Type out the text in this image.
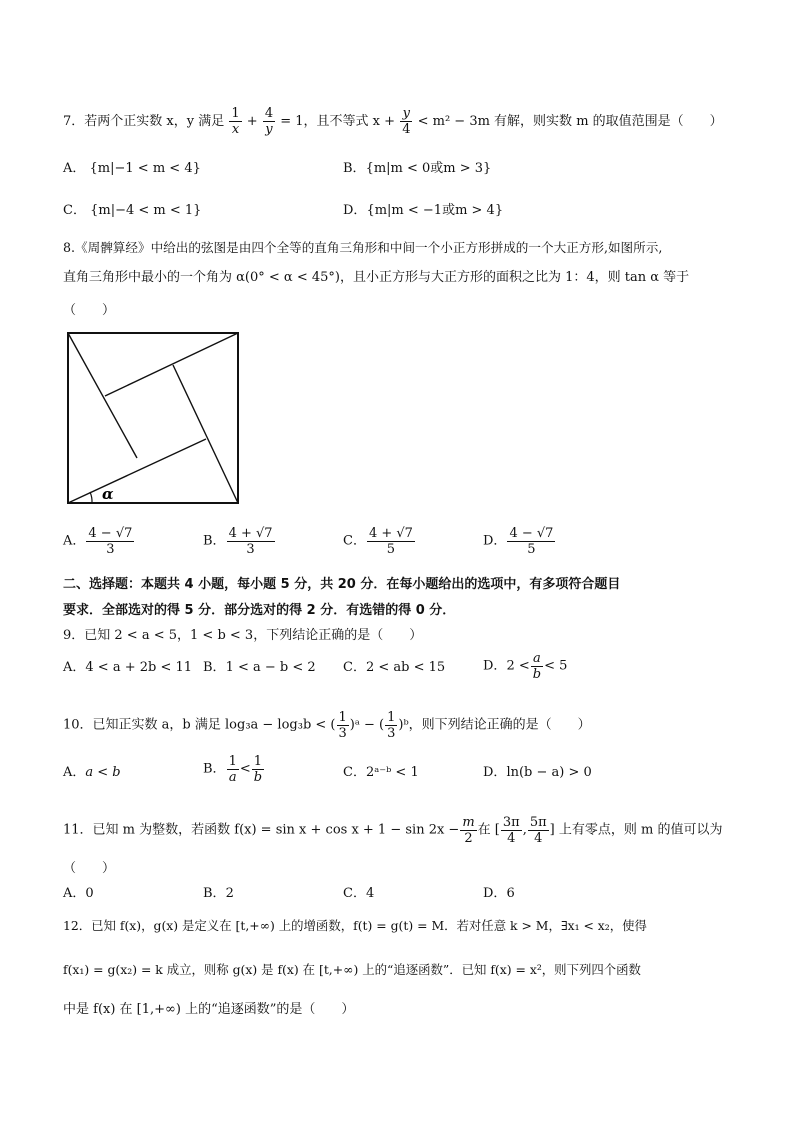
7．若两个正实数 x，y 满足 $\frac{1}{x} + \frac{4}{y} = 1$，且不等式 $x + \frac{y}{4} < m^2 - 3m$ 有解，则实数 m 的取值范围是（　　）
A． {m|−1 < m < 4}	B．{m|m < 0或m > 3}
C． {m|−4 < m < 1}	D．{m|m < −1或m > 4}
8.《周髀算经》中给出的弦图是由四个全等的直角三角形和中间一个小正方形拼成的一个大正方形,如图所示,
直角三角形中最小的一个角为 α(0° < α < 45°)，且小正方形与大正方形的面积之比为 1：4，则 tan α 等于
（　　）
α
A． $\frac{4 - √7}{3}$	B． $\frac{4 + √7}{3}$	C． $\frac{4 + √7}{5}$	D． $\frac{4 - √7}{5}$
二、选择题：本题共 4 小题，每小题 5 分，共 20 分．在每小题给出的选项中，有多项符合题目
要求．全部选对的得 5 分．部分选对的得 2 分．有选错的得 0 分．
9．已知 2 < a < 5，1 < b < 3，下列结论正确的是（　　）
A．4 < a + 2b < 11 B．1 < a − b < 2 C．2 < ab < 15	D．$2 < \frac{a}{b} < 5$
10．已知正实数 a，b 满足 log₃a − log₃b < ( $\frac{1}{3}$ )ᵃ − ( $\frac{1}{3}$ )ᵇ，则下列结论正确的是（　　）
A．a < b	B． $\frac{1}{a} < \frac{1}{b}$	C．2ᵃ⁻ᵇ < 1	D．ln(b − a) > 0
11．已知 m 为整数，若函数 $f(x) = \sin x + \cos x + 1 - \sin 2x - \frac{m}{2}$ 在 [ $\frac{3\pi}{4}$ , $\frac{5\pi}{4}$ ] 上有零点，则 m 的值可以为
（　　）
A．0	B．2	C．4	D．6
12．已知 f(x)，g(x) 是定义在 [t,+∞) 上的增函数，f(t) = g(t) = M．若对任意 k > M，∃x₁ < x₂，使得
f(x₁) = g(x₂) = k 成立，则称 g(x) 是 f(x) 在 [t,+∞) 上的“追逐函数”．已知 f(x) = x²，则下列四个函数
中是 f(x) 在 [1,+∞) 上的“追逐函数”的是（　　）
